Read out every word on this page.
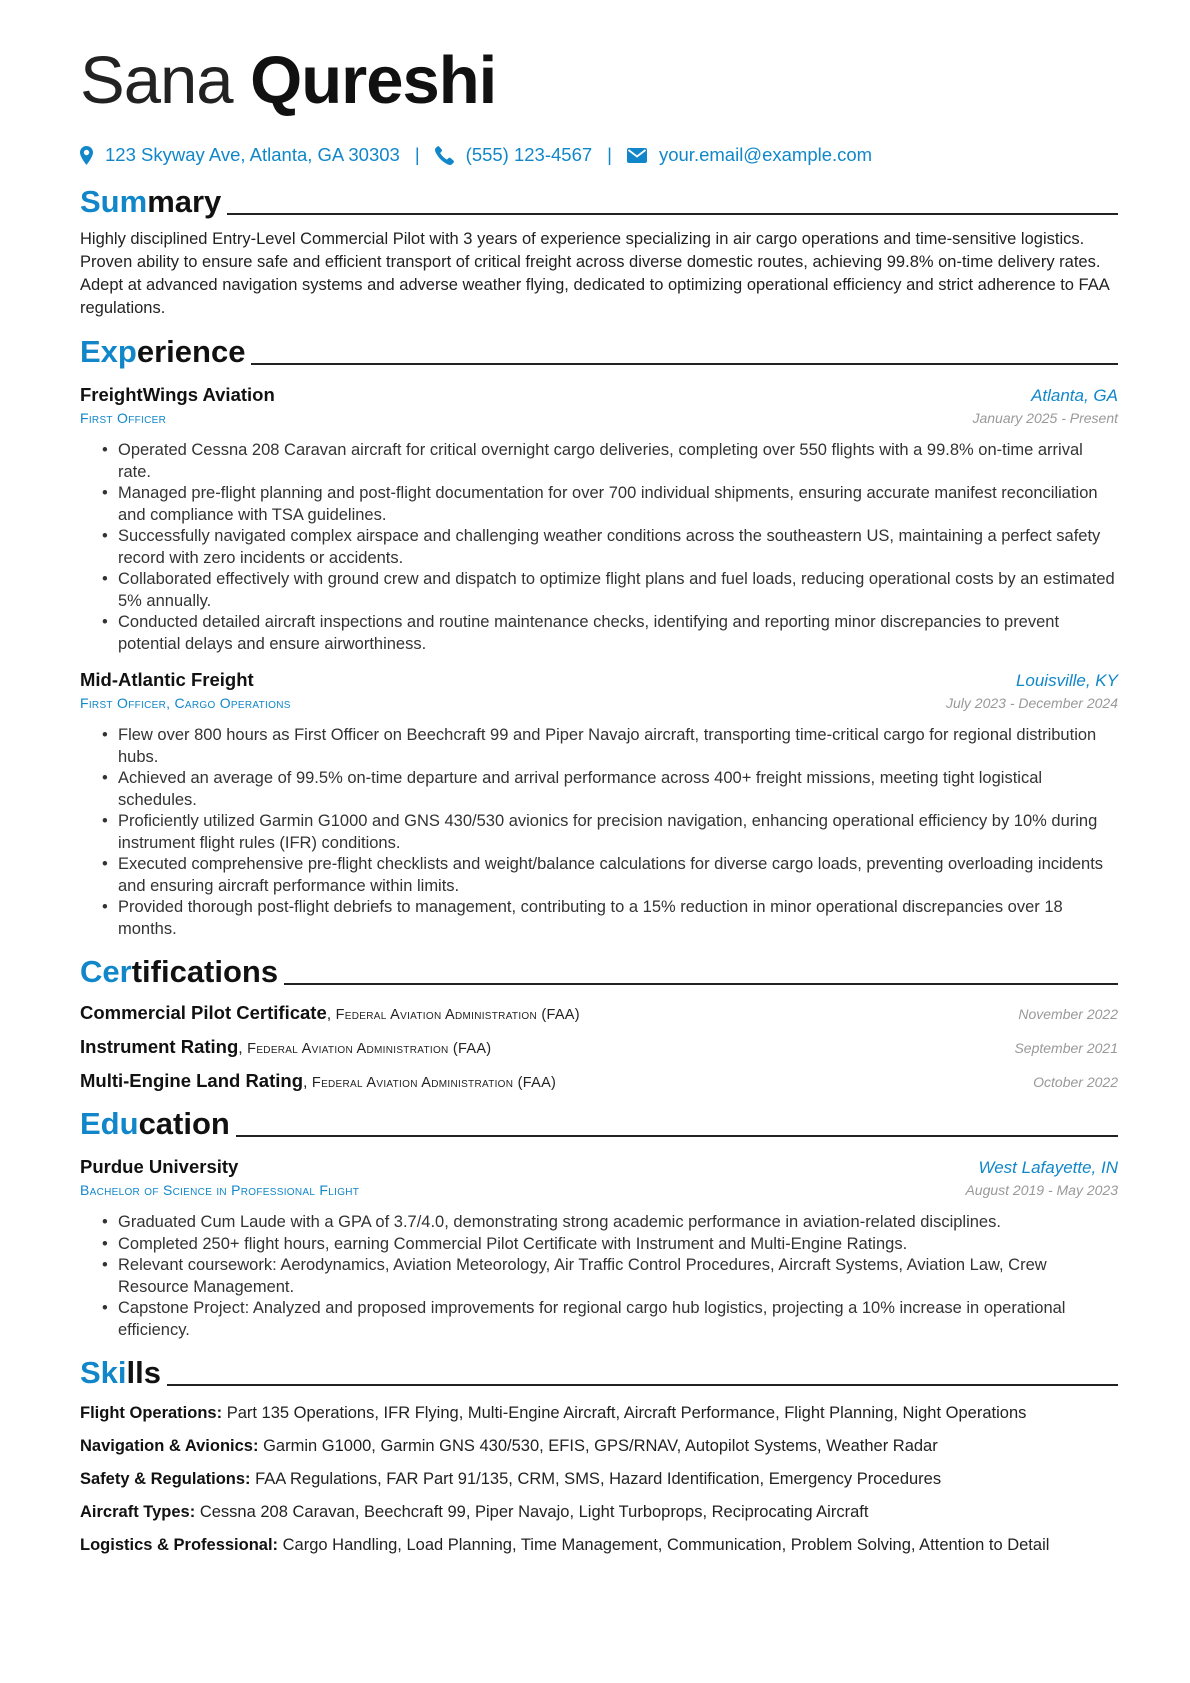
Sana Qureshi
123 Skyway Ave, Atlanta, GA 30303 | (555) 123-4567 |	your.email@example.com
Summary
Highly disciplined Entry-Level Commercial Pilot with 3 years of experience specializing in air cargo operations and time-sensitive logistics. Proven ability to ensure safe and efficient transport of critical freight across diverse domestic routes, achieving 99.8% on-time delivery rates. Adept at advanced navigation systems and adverse weather flying, dedicated to optimizing operational efficiency and strict adherence to FAA regulations.
Experience
FreightWings Aviation	Atlanta, GA
First Officer	January 2025 - Present
• Operated Cessna 208 Caravan aircraft for critical overnight cargo deliveries, completing over 550 flights with a 99.8% on-time arrival rate.
• Managed pre-flight planning and post-flight documentation for over 700 individual shipments, ensuring accurate manifest reconciliation and compliance with TSA guidelines.
• Successfully navigated complex airspace and challenging weather conditions across the southeastern US, maintaining a perfect safety record with zero incidents or accidents.
• Collaborated effectively with ground crew and dispatch to optimize flight plans and fuel loads, reducing operational costs by an estimated 5% annually.
• Conducted detailed aircraft inspections and routine maintenance checks, identifying and reporting minor discrepancies to prevent potential delays and ensure airworthiness.
Mid-Atlantic Freight	Louisville, KY
First Officer, Cargo Operations	July 2023 - December 2024
• Flew over 800 hours as First Officer on Beechcraft 99 and Piper Navajo aircraft, transporting time-critical cargo for regional distribution hubs.
• Achieved an average of 99.5% on-time departure and arrival performance across 400+ freight missions, meeting tight logistical schedules.
• Proficiently utilized Garmin G1000 and GNS 430/530 avionics for precision navigation, enhancing operational efficiency by 10% during instrument flight rules (IFR) conditions.
• Executed comprehensive pre-flight checklists and weight/balance calculations for diverse cargo loads, preventing overloading incidents and ensuring aircraft performance within limits.
• Provided thorough post-flight debriefs to management, contributing to a 15% reduction in minor operational discrepancies over 18 months.
Certifications
Commercial Pilot Certificate, Federal Aviation Administration (FAA)	November 2022
Instrument Rating, Federal Aviation Administration (FAA)	September 2021
Multi-Engine Land Rating, Federal Aviation Administration (FAA)	October 2022
Education
Purdue University	West Lafayette, IN
Bachelor of Science in Professional Flight	August 2019 - May 2023
• Graduated Cum Laude with a GPA of 3.7/4.0, demonstrating strong academic performance in aviation-related disciplines.
• Completed 250+ flight hours, earning Commercial Pilot Certificate with Instrument and Multi-Engine Ratings.
• Relevant coursework: Aerodynamics, Aviation Meteorology, Air Traffic Control Procedures, Aircraft Systems, Aviation Law, Crew Resource Management.
• Capstone Project: Analyzed and proposed improvements for regional cargo hub logistics, projecting a 10% increase in operational efficiency.
Skills
Flight Operations: Part 135 Operations, IFR Flying, Multi-Engine Aircraft, Aircraft Performance, Flight Planning, Night Operations
Navigation & Avionics: Garmin G1000, Garmin GNS 430/530, EFIS, GPS/RNAV, Autopilot Systems, Weather Radar
Safety & Regulations: FAA Regulations, FAR Part 91/135, CRM, SMS, Hazard Identification, Emergency Procedures
Aircraft Types: Cessna 208 Caravan, Beechcraft 99, Piper Navajo, Light Turboprops, Reciprocating Aircraft
Logistics & Professional: Cargo Handling, Load Planning, Time Management, Communication, Problem Solving, Attention to Detail
